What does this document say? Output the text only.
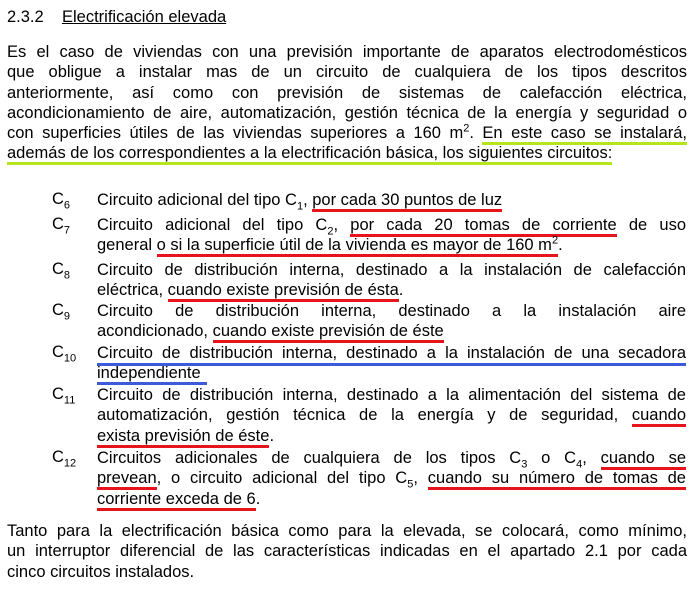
2.3.2 Electrificación elevada
Es el caso de viviendas con una previsión importante de aparatos electrodomésticos
que obligue a instalar mas de un circuito de cualquiera de los tipos descritos
anteriormente, así como con previsión de sistemas de calefacción eléctrica,
acondicionamiento de aire, automatización, gestión técnica de la energía y seguridad o
con superficies útiles de las viviendas superiores a 160 $m^2$. En este caso se instalará,
además de los correspondientes a la electrificación básica, los siguientes circuitos:
$C_6$ Circuito adicional del tipo $C_1$, por cada 30 puntos de luz
$C_7$ Circuito adicional del tipo $C_2$, por cada 20 tomas de corriente de uso
general o si la superficie útil de la vivienda es mayor de 160 $m^2$.
$C_8$ Circuito de distribución interna, destinado a la instalación de calefacción
eléctrica, cuando existe previsión de ésta.
$C_9$ Circuito de distribución interna, destinado a la instalación aire
acondicionado, cuando existe previsión de éste
$C_{10}$ Circuito de distribución interna, destinado a la instalación de una secadora
independiente
$C_{11}$ Circuito de distribución interna, destinado a la alimentación del sistema de
automatización, gestión técnica de la energía y de seguridad, cuando
exista previsión de éste.
$C_{12}$ Circuitos adicionales de cualquiera de los tipos $C_3$ o $C_4$, cuando se
prevean, o circuito adicional del tipo $C_5$, cuando su número de tomas de
corriente exceda de 6.
Tanto para la electrificación básica como para la elevada, se colocará, como mínimo,
un interruptor diferencial de las características indicadas en el apartado 2.1 por cada
cinco circuitos instalados.
